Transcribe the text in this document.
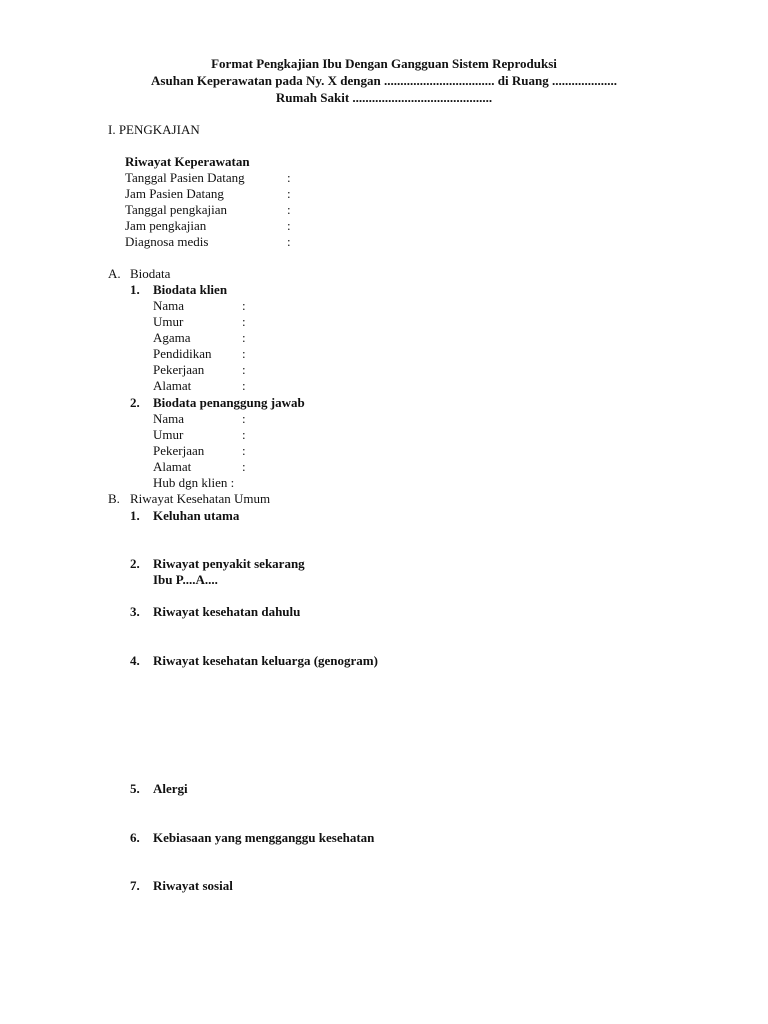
Format Pengkajian Ibu Dengan Gangguan Sistem Reproduksi
Asuhan Keperawatan pada Ny. X dengan .................................. di Ruang ....................
Rumah Sakit ...........................................
I. PENGKAJIAN
Riwayat Keperawatan
Tanggal Pasien Datang	:
Jam Pasien Datang	:
Tanggal pengkajian	:
Jam pengkajian	:
Diagnosa medis	:
A. Biodata
1. Biodata klien
Nama	:
Umur	:
Agama	:
Pendidikan :
Pekerjaan	:
Alamat	:
2. Biodata penanggung jawab
Nama	:
Umur	:
Pekerjaan	:
Alamat	:
Hub dgn klien :
B. Riwayat Kesehatan Umum
1. Keluhan utama
2. Riwayat penyakit sekarang
Ibu P....A....
3. Riwayat kesehatan dahulu
4. Riwayat kesehatan keluarga (genogram)
5. Alergi
6. Kebiasaan yang mengganggu kesehatan
7. Riwayat sosial
